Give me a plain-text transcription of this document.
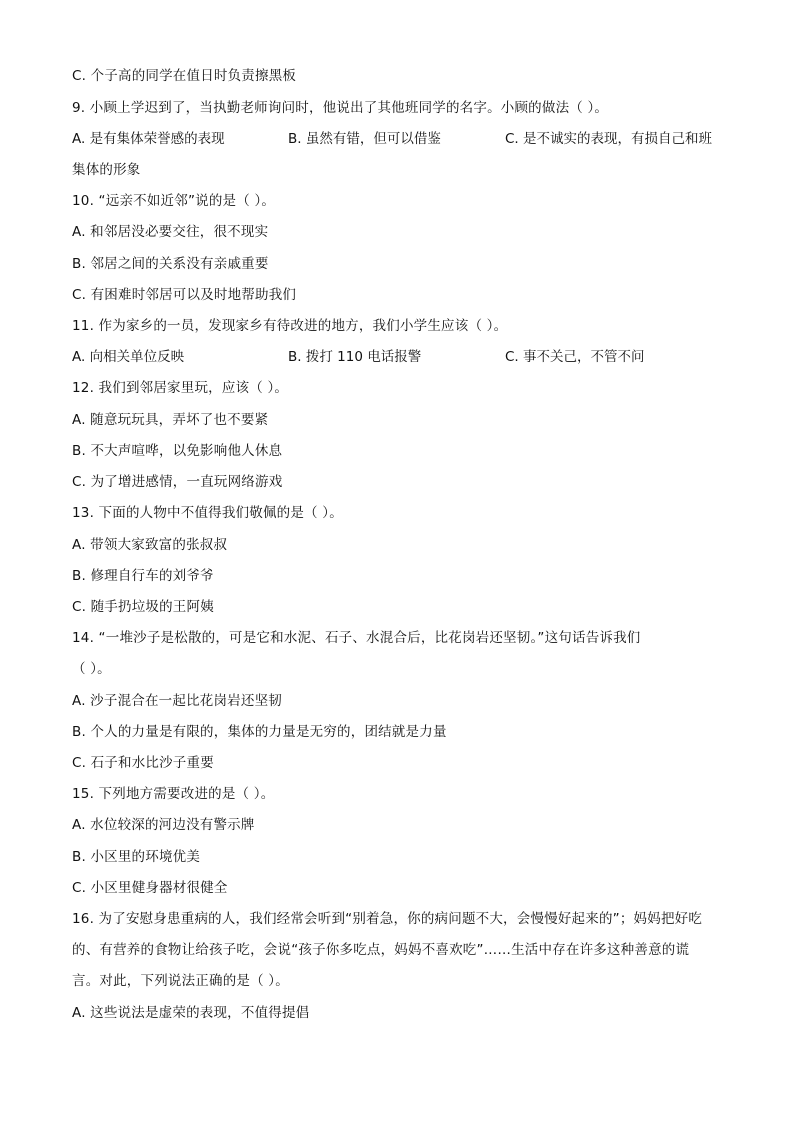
C. 个子高的同学在值日时负责擦黑板
9. 小顾上学迟到了，当执勤老师询问时，他说出了其他班同学的名字。小顾的做法（ ）。
A. 是有集体荣誉感的表现	B. 虽然有错，但可以借鉴	C. 是不诚实的表现，有损自己和班
集体的形象
10. “远亲不如近邻”说的是（ ）。
A. 和邻居没必要交往，很不现实
B. 邻居之间的关系没有亲戚重要
C. 有困难时邻居可以及时地帮助我们
11. 作为家乡的一员，发现家乡有待改进的地方，我们小学生应该（ ）。
A. 向相关单位反映	B. 拨打 110 电话报警	C. 事不关己，不管不问
12. 我们到邻居家里玩，应该（ ）。
A. 随意玩玩具，弄坏了也不要紧
B. 不大声喧哗，以免影响他人休息
C. 为了增进感情，一直玩网络游戏
13. 下面的人物中不值得我们敬佩的是（ ）。
A. 带领大家致富的张叔叔
B. 修理自行车的刘爷爷
C. 随手扔垃圾的王阿姨
14. “一堆沙子是松散的，可是它和水泥、石子、水混合后，比花岗岩还坚韧。”这句话告诉我们
（ ）。
A. 沙子混合在一起比花岗岩还坚韧
B. 个人的力量是有限的，集体的力量是无穷的，团结就是力量
C. 石子和水比沙子重要
15. 下列地方需要改进的是（ ）。
A. 水位较深的河边没有警示牌
B. 小区里的环境优美
C. 小区里健身器材很健全
16. 为了安慰身患重病的人，我们经常会听到“别着急，你的病问题不大，会慢慢好起来的”；妈妈把好吃
的、有营养的食物让给孩子吃，会说“孩子你多吃点，妈妈不喜欢吃”……生活中存在许多这种善意的谎
言。对此，下列说法正确的是（ ）。
A. 这些说法是虚荣的表现，不值得提倡
